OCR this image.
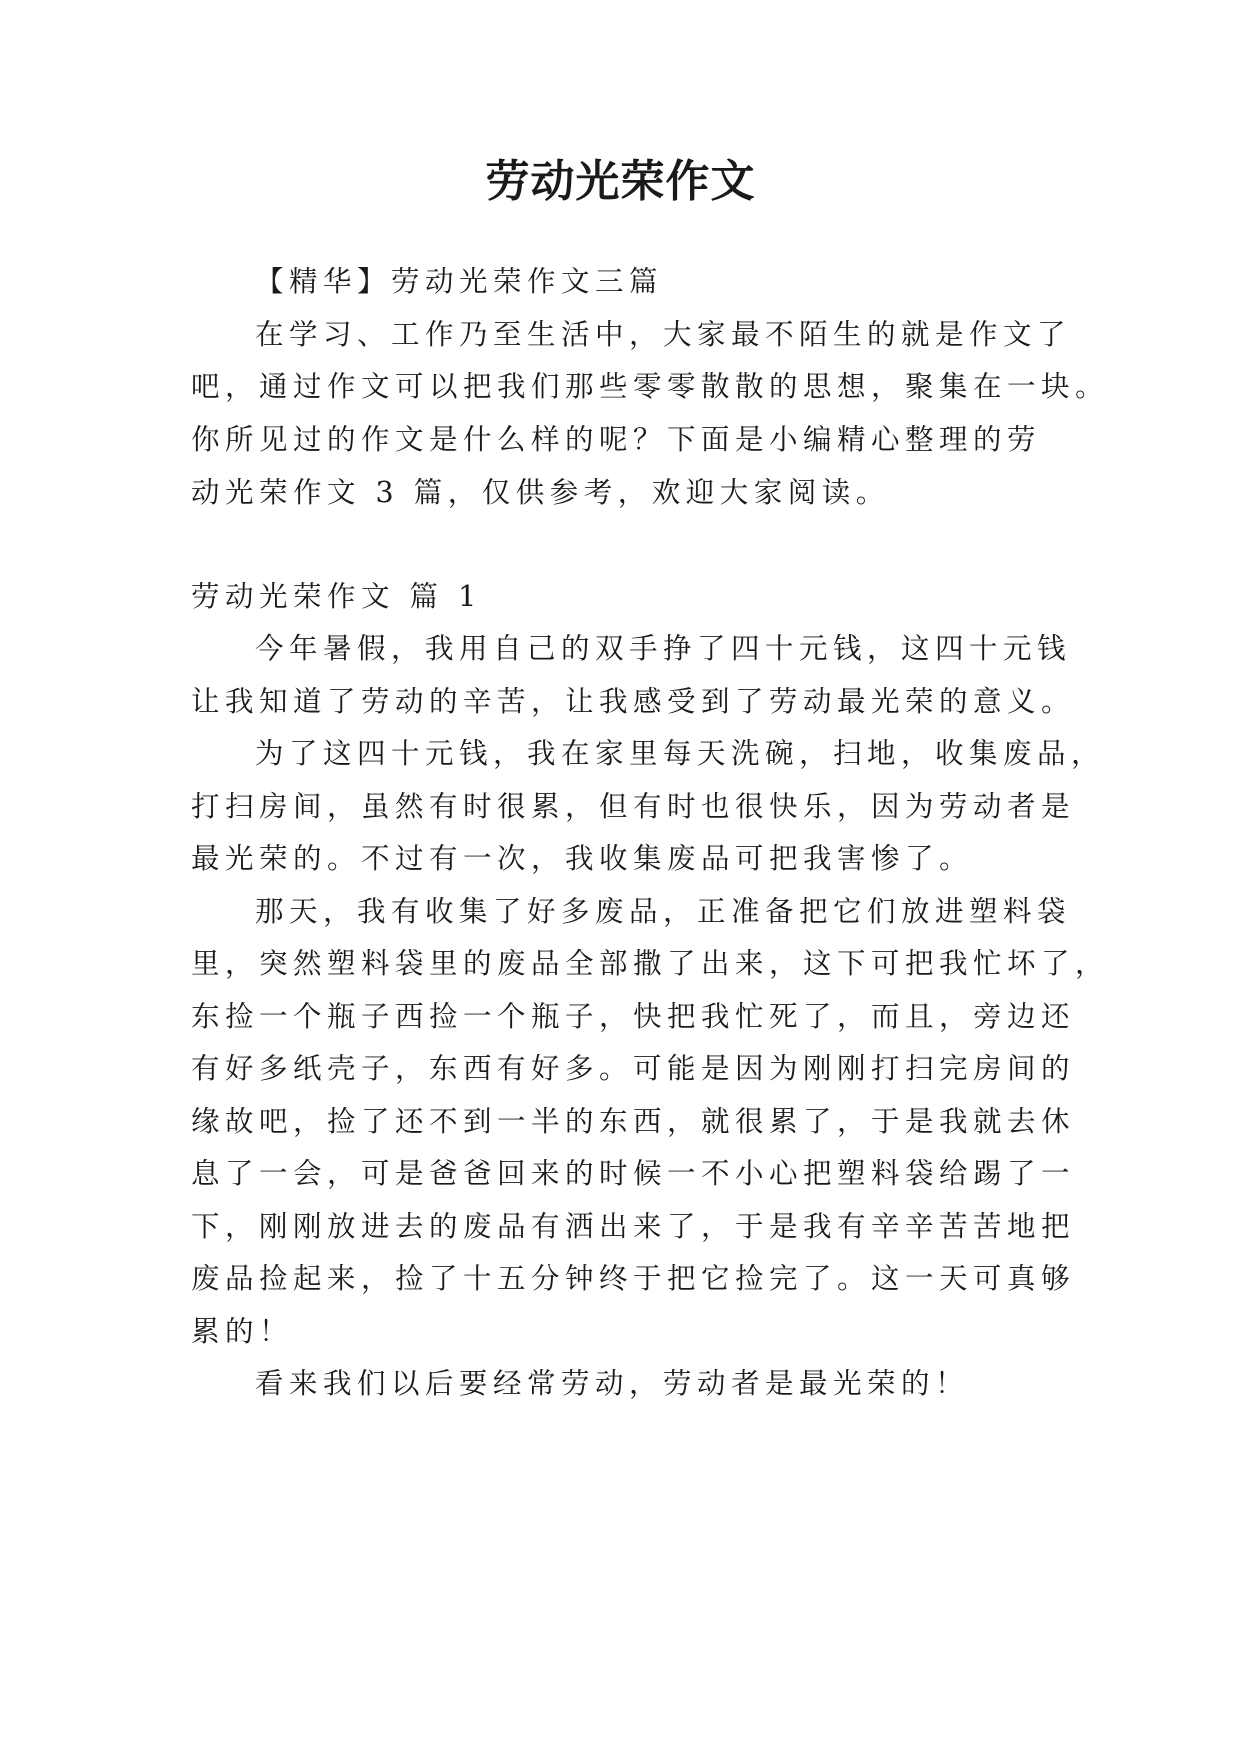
劳动光荣作文

【精华】劳动光荣作文三篇

在学习、工作乃至生活中，大家最不陌生的就是作文了

吧，通过作文可以把我们那些零零散散的思想，聚集在一块。

你所见过的作文是什么样的呢？下面是小编精心整理的劳

动光荣作文 3 篇，仅供参考，欢迎大家阅读。

劳动光荣作文 篇 1

今年暑假，我用自己的双手挣了四十元钱，这四十元钱

让我知道了劳动的辛苦，让我感受到了劳动最光荣的意义。

为了这四十元钱，我在家里每天洗碗，扫地，收集废品，

打扫房间，虽然有时很累，但有时也很快乐，因为劳动者是

最光荣的。不过有一次，我收集废品可把我害惨了。

那天，我有收集了好多废品，正准备把它们放进塑料袋

里，突然塑料袋里的废品全部撒了出来，这下可把我忙坏了，

东捡一个瓶子西捡一个瓶子，快把我忙死了，而且，旁边还

有好多纸壳子，东西有好多。可能是因为刚刚打扫完房间的

缘故吧，捡了还不到一半的东西，就很累了，于是我就去休

息了一会，可是爸爸回来的时候一不小心把塑料袋给踢了一

下，刚刚放进去的废品有洒出来了，于是我有辛辛苦苦地把

废品捡起来，捡了十五分钟终于把它捡完了。这一天可真够

累的！

看来我们以后要经常劳动，劳动者是最光荣的！
